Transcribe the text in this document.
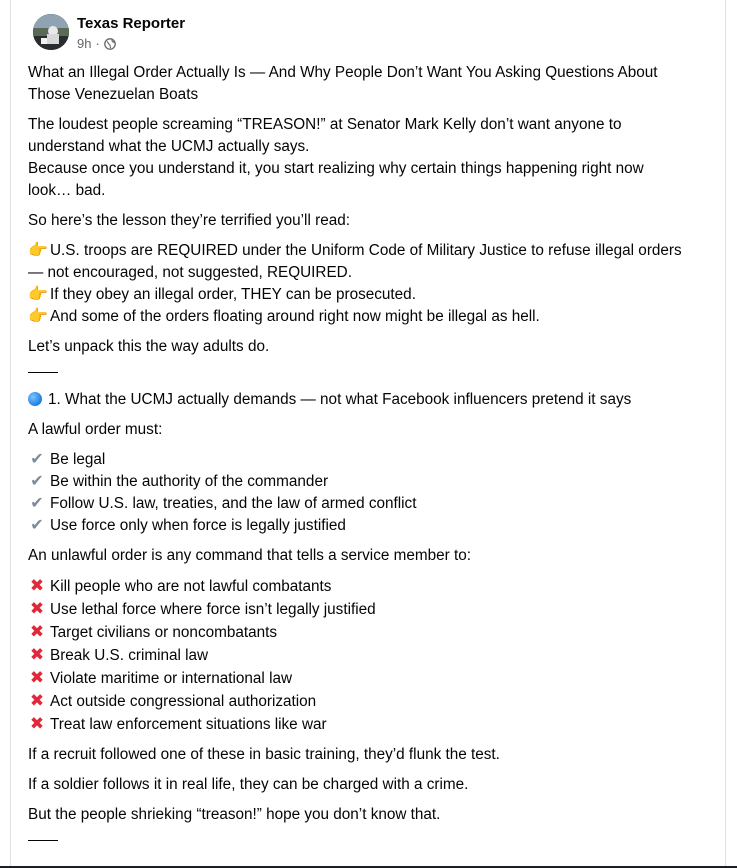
Texas Reporter
9h ·

What an Illegal Order Actually Is — And Why People Don’t Want You Asking Questions About
Those Venezuelan Boats

The loudest people screaming “TREASON!” at Senator Mark Kelly don’t want anyone to
understand what the UCMJ actually says.
Because once you understand it, you start realizing why certain things happening right now
look… bad.

So here’s the lesson they’re terrified you’ll read:

👉 U.S. troops are REQUIRED under the Uniform Code of Military Justice to refuse illegal orders
— not encouraged, not suggested, REQUIRED.
👉 If they obey an illegal order, THEY can be prosecuted.
👉 And some of the orders floating around right now might be illegal as hell.

Let’s unpack this the way adults do.

1. What the UCMJ actually demands — not what Facebook influencers pretend it says

A lawful order must:

✔ Be legal
✔ Be within the authority of the commander
✔ Follow U.S. law, treaties, and the law of armed conflict
✔ Use force only when force is legally justified

An unlawful order is any command that tells a service member to:

✖ Kill people who are not lawful combatants
✖ Use lethal force where force isn’t legally justified
✖ Target civilians or noncombatants
✖ Break U.S. criminal law
✖ Violate maritime or international law
✖ Act outside congressional authorization
✖ Treat law enforcement situations like war

If a recruit followed one of these in basic training, they’d flunk the test.

If a soldier follows it in real life, they can be charged with a crime.

But the people shrieking “treason!” hope you don’t know that.
